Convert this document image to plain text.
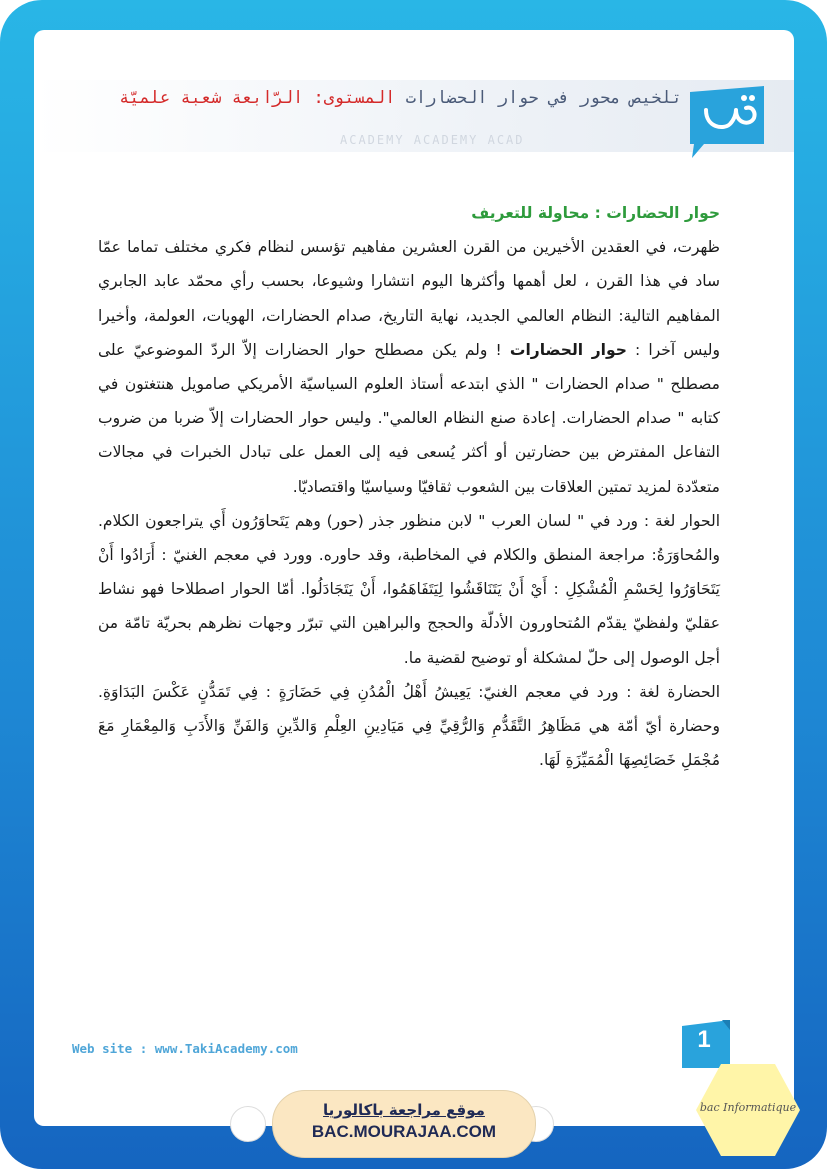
ACADEMY ACADEMY ACAD
تلخيص محور في حوار الحضارات المستوى: الرّابعة شعبة علميّة

حوار الحضارات : محاولة للتعريف

ظهرت، في العقدين الأخيرين من القرن العشرين مفاهيم تؤسس لنظام فكري مختلف تماما عمّا ساد في هذا القرن ، لعل أهمها وأكثرها اليوم انتشارا وشيوعا، بحسب رأي محمّد عابد الجابري المفاهيم التالية: النظام العالمي الجديد، نهاية التاريخ، صدام الحضارات، الهويات، العولمة، وأخيرا وليس آخرا : حوار الحضارات ! ولم يكن مصطلح حوار الحضارات إلاّ الردّ الموضوعيّ على مصطلح " صدام الحضارات " الذي ابتدعه أستاذ العلوم السياسيّة الأمريكي صامويل هنتغتون في كتابه " صدام الحضارات. إعادة صنع النظام العالمي". وليس حوار الحضارات إلاّ ضربا من ضروب التفاعل المفترض بين حضارتين أو أكثر يُسعى فيه إلى العمل على تبادل الخبرات في مجالات متعدّدة لمزيد تمتين العلاقات بين الشعوب ثقافيّا وسياسيّا واقتصاديّا.

الحوار لغة : ورد في " لسان العرب " لابن منظور جذر (حور) وهم يَتَحاوَرُون أَي يتراجعون الكلام. والمُحاوَرَةُ: مراجعة المنطق والكلام في المخاطبة، وقد حاوره. وورد في معجم الغنيّ : أَرَادُوا أَنْ يَتَحَاوَرُوا لِحَسْمِ الْمُشْكِلِ : أَيْ أَنْ يَتَنَاقَشُوا لِيَتَفَاهَمُوا، أَنْ يَتَجَادَلُوا. أمّا الحوار اصطلاحا فهو نشاط عقليّ ولفظيّ يقدّم المُتحاورون الأدلّة والحجج والبراهين التي تبرّر وجهات نظرهم بحريّة تامّة من أجل الوصول إلى حلّ لمشكلة أو توضيح لقضية ما.

الحضارة لغة : ورد في معجم الغنيّ: يَعِيشُ أَهْلُ الْمُدُنِ فِي حَضَارَةٍ : فِي تَمَدُّنٍ عَكْسَ البَدَاوَةِ. وحضارة أيّ أمّة هي مَظَاهِرُ التَّقَدُّمِ وَالرُّقِيِّ فِي مَيَادِينِ العِلْمِ وَالدِّينِ وَالفَنِّ وَالأَدَبِ وَالمِعْمَارِ مَعَ مُجْمَلِ خَصَائِصِهَا الْمُمَيِّزَةِ لَهَا.

Web site : www.TakiAcademy.com	1
موقع مراجعة باكالوريا
BAC.MOURAJAA.COM
bac Informatique
